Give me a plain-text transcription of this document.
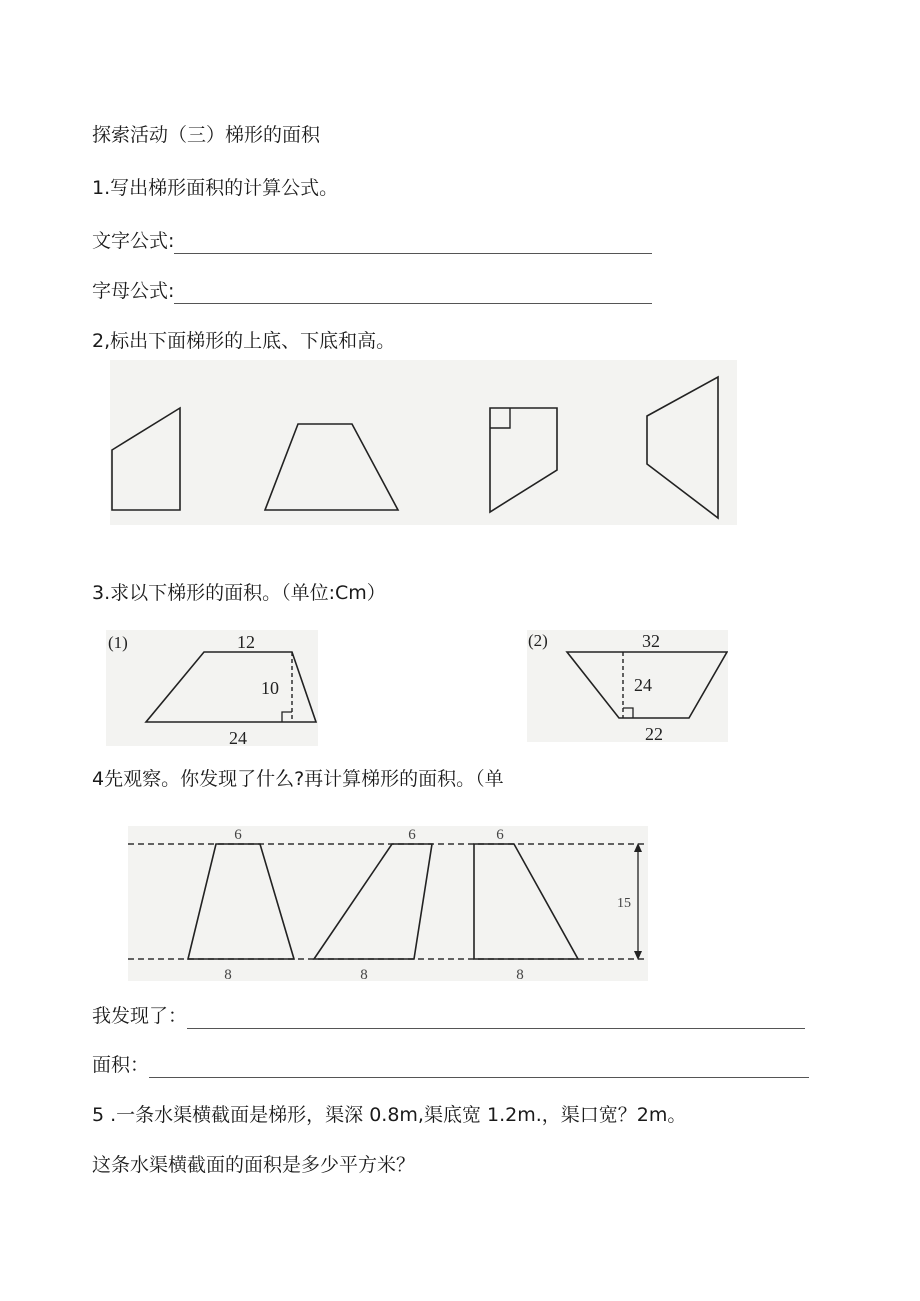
探索活动（三）梯形的面积
1.写出梯形面积的计算公式。
文字公式:
字母公式:
2,标出下面梯形的上底、下底和高。
3.求以下梯形的面积。（单位:Cm）
(1)	12
10
24
(2)	32
24
22
4先观察。你发现了什么?再计算梯形的面积。（单
6	6	6
8	8	8
15
我发现了：
面积：
5 .一条水渠横截面是梯形，渠深 0.8m,渠底宽 1.2m.，渠口宽？2m。
这条水渠横截面的面积是多少平方米？
